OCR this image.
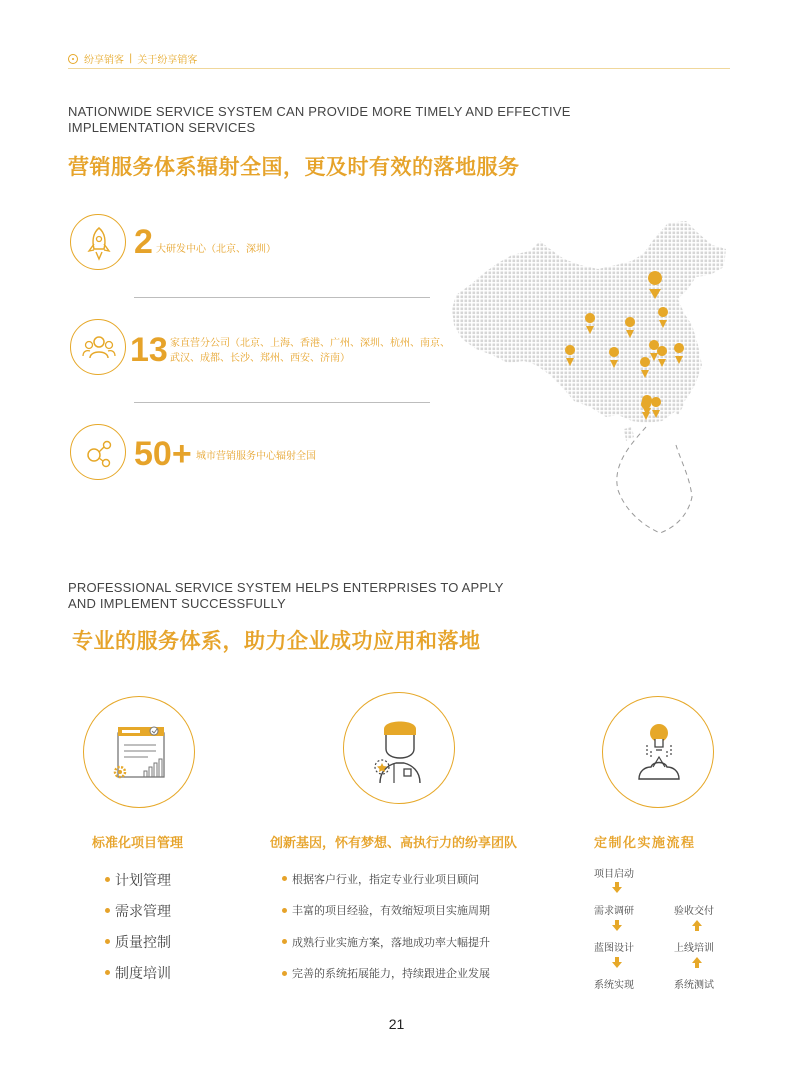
纷享销客 | 关于纷享销客
NATIONWIDE SERVICE SYSTEM CAN PROVIDE MORE TIMELY AND EFFECTIVE
IMPLEMENTATION SERVICES
营销服务体系辐射全国，更及时有效的落地服务
2 大研发中心（北京、深圳）
13 家直营分公司（北京、上海、香港、广州、深圳、杭州、南京、
武汉、成都、长沙、郑州、西安、济南）
50+ 城市营销服务中心辐射全国
PROFESSIONAL SERVICE SYSTEM HELPS ENTERPRISES TO APPLY
AND IMPLEMENT SUCCESSFULLY
专业的服务体系，助力企业成功应用和落地
标准化项目管理
计划管理
需求管理
质量控制
制度培训
创新基因，怀有梦想、高执行力的纷享团队
根据客户行业，指定专业行业项目顾问
丰富的项目经验，有效缩短项目实施周期
成熟行业实施方案，落地成功率大幅提升
完善的系统拓展能力，持续跟进企业发展
定制化实施流程
项目启动
需求调研
蓝图设计
系统实现
验收交付
上线培训
系统测试
21
